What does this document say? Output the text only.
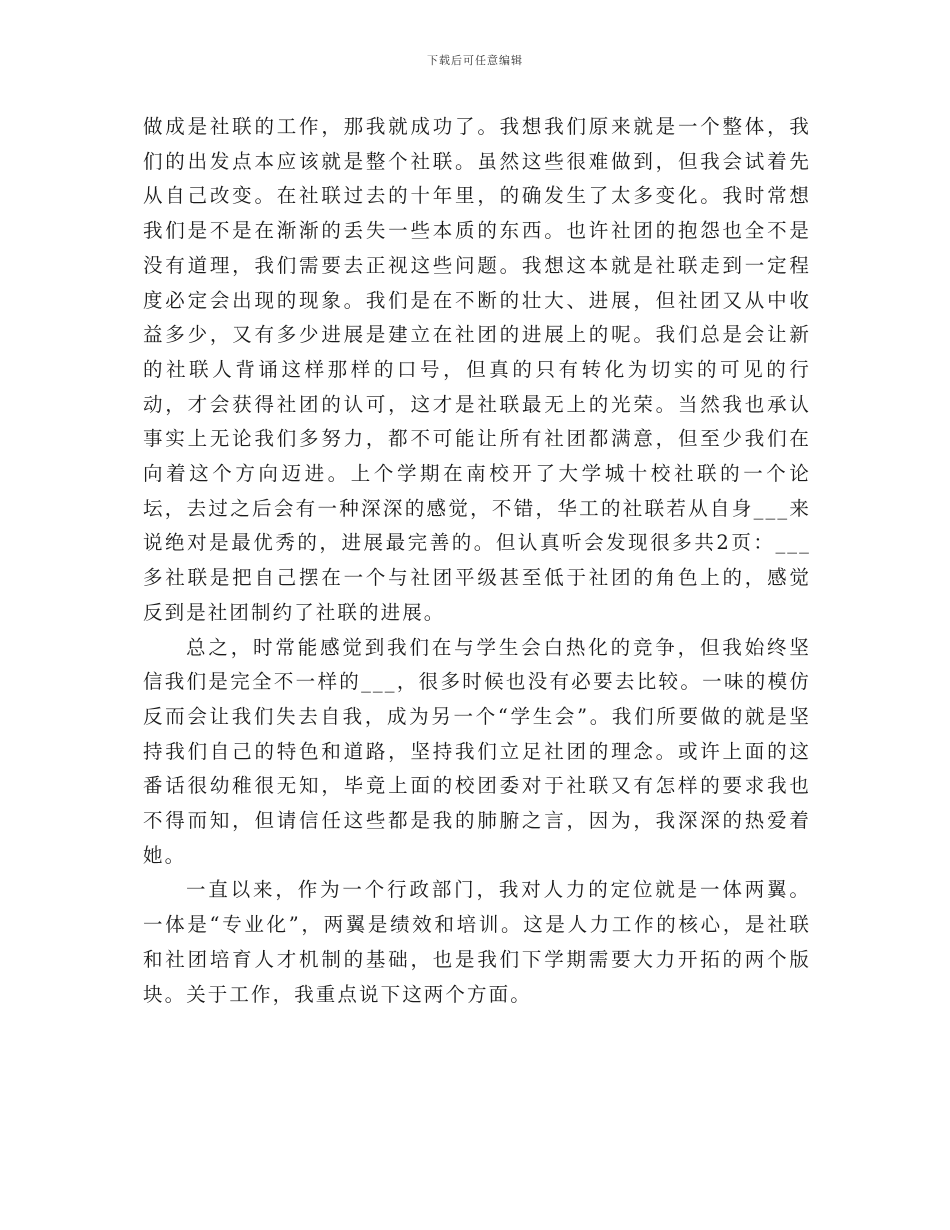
下载后可任意编辑

做成是社联的工作，那我就成功了。我想我们原来就是一个整体，我们的出发点本应该就是整个社联。虽然这些很难做到，但我会试着先从自己改变。在社联过去的十年里，的确发生了太多变化。我时常想我们是不是在渐渐的丢失一些本质的东西。也许社团的抱怨也全不是没有道理，我们需要去正视这些问题。我想这本就是社联走到一定程度必定会出现的现象。我们是在不断的壮大、进展，但社团又从中收益多少，又有多少进展是建立在社团的进展上的呢。我们总是会让新的社联人背诵这样那样的口号，但真的只有转化为切实的可见的行动，才会获得社团的认可，这才是社联最无上的光荣。当然我也承认事实上无论我们多努力，都不可能让所有社团都满意，但至少我们在向着这个方向迈进。上个学期在南校开了大学城十校社联的一个论坛，去过之后会有一种深深的感觉，不错，华工的社联若从自身___来说绝对是最优秀的，进展最完善的。但认真听会发现很多共2页：___多社联是把自己摆在一个与社团平级甚至低于社团的角色上的，感觉反到是社团制约了社联的进展。

总之，时常能感觉到我们在与学生会白热化的竞争，但我始终坚信我们是完全不一样的___，很多时候也没有必要去比较。一味的模仿反而会让我们失去自我，成为另一个“学生会”。我们所要做的就是坚持我们自己的特色和道路，坚持我们立足社团的理念。或许上面的这番话很幼稚很无知，毕竟上面的校团委对于社联又有怎样的要求我也不得而知，但请信任这些都是我的肺腑之言，因为，我深深的热爱着她。

一直以来，作为一个行政部门，我对人力的定位就是一体两翼。一体是“专业化”，两翼是绩效和培训。这是人力工作的核心，是社联和社团培育人才机制的基础，也是我们下学期需要大力开拓的两个版块。关于工作，我重点说下这两个方面。
